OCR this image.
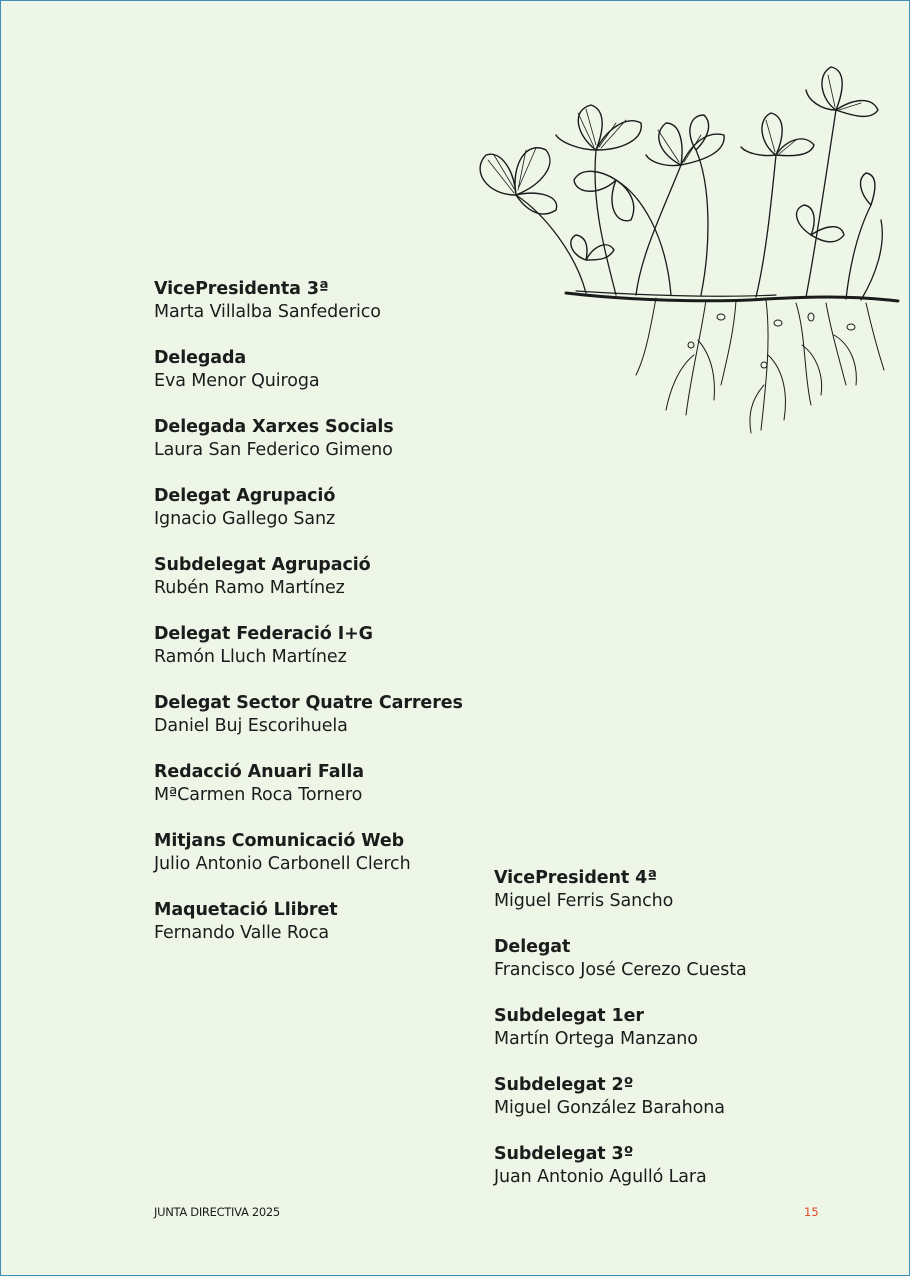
VicePresidenta 3ª
Marta Villalba Sanfederico
Delegada
Eva Menor Quiroga
Delegada Xarxes Socials
Laura San Federico Gimeno
Delegat Agrupació
Ignacio Gallego Sanz
Subdelegat Agrupació
Rubén Ramo Martínez
Delegat Federació I+G
Ramón Lluch Martínez
Delegat Sector Quatre Carreres
Daniel Buj Escorihuela
Redacció Anuari Falla
MªCarmen Roca Tornero
Mitjans Comunicació Web
Julio Antonio Carbonell Clerch
Maquetació Llibret
Fernando Valle Roca
VicePresident 4ª
Miguel Ferris Sancho
Delegat
Francisco José Cerezo Cuesta
Subdelegat 1er
Martín Ortega Manzano
Subdelegat 2º
Miguel González Barahona
Subdelegat 3º
Juan Antonio Agulló Lara
JUNTA DIRECTIVA 2025	15
